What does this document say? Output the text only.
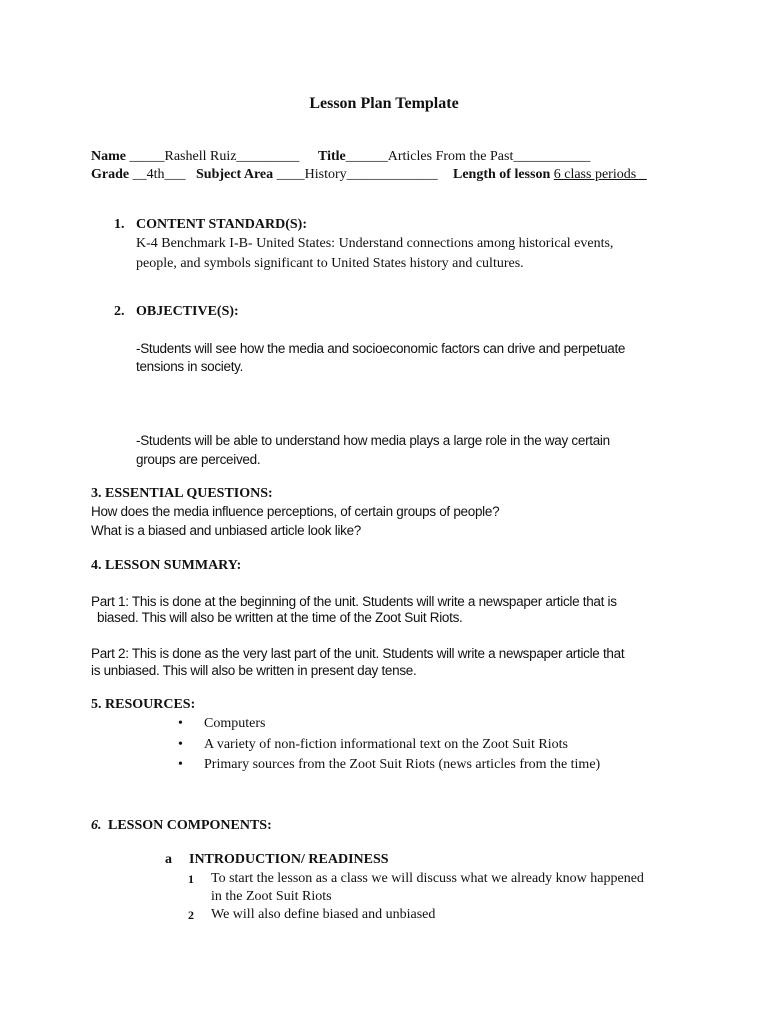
Lesson Plan Template
Name _____Rashell Ruiz_________ Title______Articles From the Past___________
Grade __4th___ Subject Area ____History_____________ Length of lesson 6 class periods _
1. CONTENT STANDARD(S):
K-4 Benchmark I-B- United States: Understand connections among historical events,
people, and symbols significant to United States history and cultures.
2. OBJECTIVE(S):
-Students will see how the media and socioeconomic factors can drive and perpetuate
tensions in society.
-Students will be able to understand how media plays a large role in the way certain
groups are perceived.
3. ESSENTIAL QUESTIONS:
How does the media influence perceptions, of certain groups of people?
What is a biased and unbiased article look like?
4. LESSON SUMMARY:
Part 1: This is done at the beginning of the unit. Students will write a newspaper article that is
biased. This will also be written at the time of the Zoot Suit Riots.
Part 2: This is done as the very last part of the unit. Students will write a newspaper article that
is unbiased. This will also be written in present day tense.
5. RESOURCES:
• Computers
• A variety of non-fiction informational text on the Zoot Suit Riots
• Primary sources from the Zoot Suit Riots (news articles from the time)
6. LESSON COMPONENTS:
a INTRODUCTION/ READINESS
1 To start the lesson as a class we will discuss what we already know happened
in the Zoot Suit Riots
2 We will also define biased and unbiased
